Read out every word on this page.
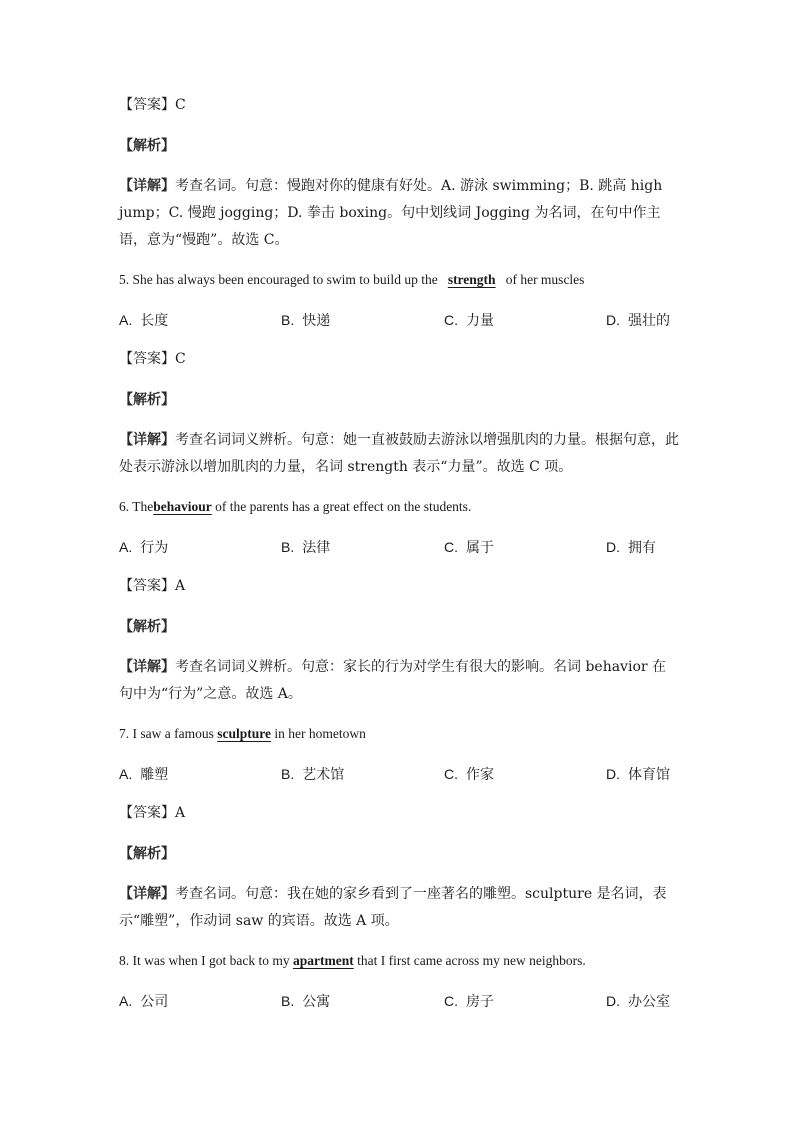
【答案】C
【解析】
【详解】考查名词。句意：慢跑对你的健康有好处。A. 游泳 swimming；B. 跳高 high jump；C. 慢跑 jogging；D. 拳击 boxing。句中划线词 Jogging 为名词，在句中作主语，意为“慢跑”。故选 C。
5. She has always been encouraged to swim to build up the strength of her muscles
A. 长度	B. 快递	C. 力量	D. 强壮的
【答案】C
【解析】
【详解】考查名词词义辨析。句意：她一直被鼓励去游泳以增强肌肉的力量。根据句意，此处表示游泳以增加肌肉的力量，名词 strength 表示“力量”。故选 C 项。
6. Thebehaviour of the parents has a great effect on the students.
A. 行为	B. 法律	C. 属于	D. 拥有
【答案】A
【解析】
【详解】考查名词词义辨析。句意：家长的行为对学生有很大的影响。名词 behavior 在句中为“行为”之意。故选 A。
7. I saw a famous sculpture in her hometown
A. 雕塑	B. 艺术馆	C. 作家	D. 体育馆
【答案】A
【解析】
【详解】考查名词。句意：我在她的家乡看到了一座著名的雕塑。sculpture 是名词，表示“雕塑”，作动词 saw 的宾语。故选 A 项。
8. It was when I got back to my apartment that I first came across my new neighbors.
A. 公司	B. 公寓	C. 房子	D. 办公室
